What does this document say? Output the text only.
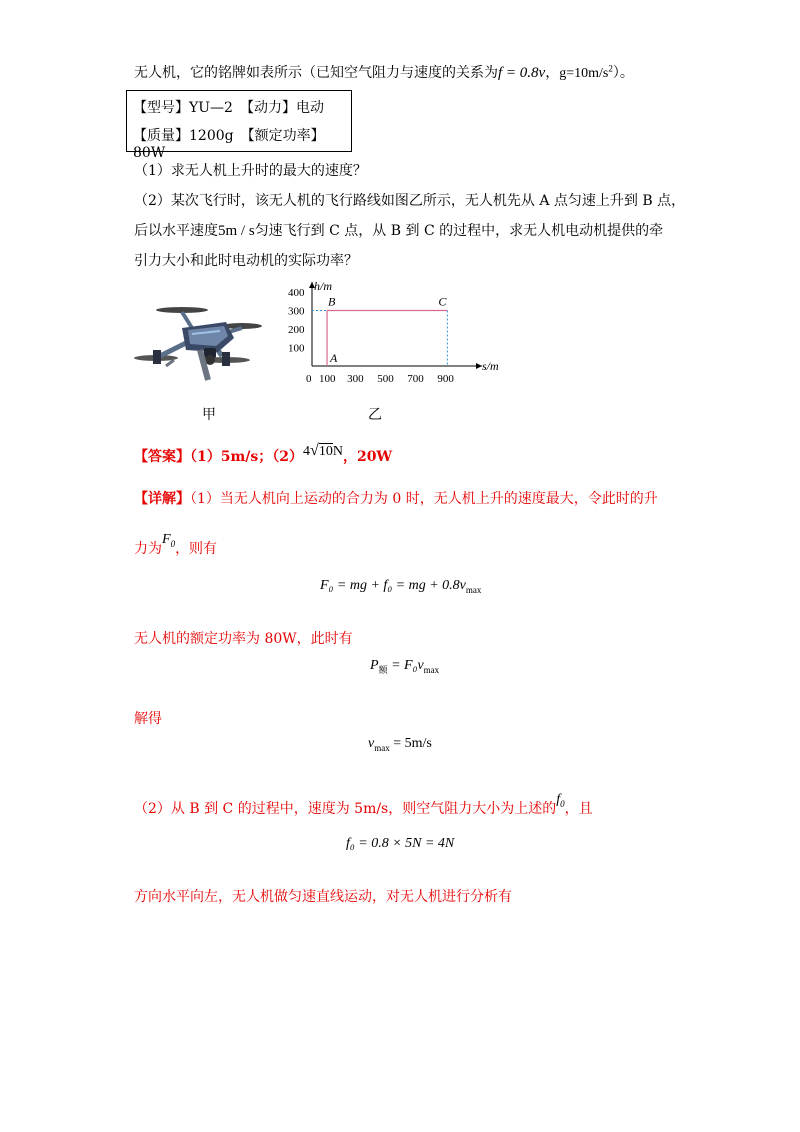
无人机，它的铭牌如表所示（已知空气阻力与速度的关系为f = 0.8v，$g=10m/s^2$）。
【型号】YU—2　【动力】电动
【质量】1200g　【额定功率】80W
（1）求无人机上升时的最大的速度？
（2）某次飞行时，该无人机的飞行路线如图乙所示，无人机先从 A 点匀速上升到 B 点，
后以水平速度5m / s匀速飞行到 C 点，从 B 到 C 的过程中，求无人机电动机提供的牵
引力大小和此时电动机的实际功率？
s/m
h/m
100
200
300
400
0 100 300 500 700 900
A
B	C
甲	乙
【答案】（1）5m/s；（2）4√10N，20W
【详解】（1）当无人机向上运动的合力为 0 时，无人机上升的速度最大，令此时的升
力为$F_0$，则有
F₀ = mg + f₀ = mg + $0.8v_{max}$
无人机的额定功率为 80W，此时有
$P_额 = F_0v_{max}$
解得
$v_{max} = 5m/s$
（2）从 B 到 C 的过程中，速度为 5m/s，则空气阻力大小为上述的$f_0$，且
f₀ = 0.8 × 5N = 4N
方向水平向左，无人机做匀速直线运动，对无人机进行分析有
